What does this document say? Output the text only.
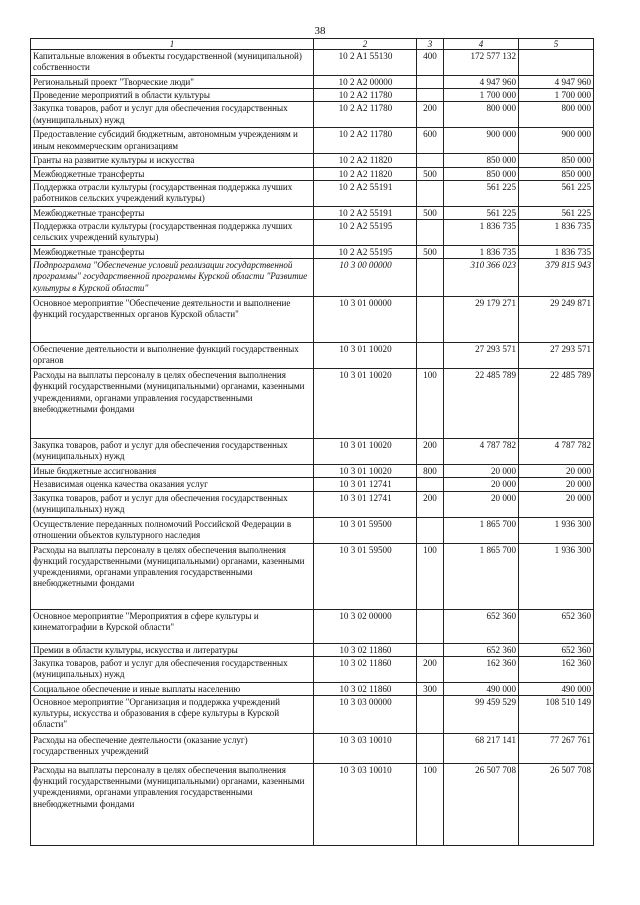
38
1	2	3	4	5
Капитальные вложения в объекты государственной (муниципальной) собственности	10 2 A1 55130	400	172 577 132	
Региональный проект "Творческие люди"	10 2 A2 00000		4 947 960	4 947 960
Проведение мероприятий в области культуры	10 2 A2 11780		1 700 000	1 700 000
Закупка товаров, работ и услуг для обеспечения государственных (муниципальных) нужд	10 2 A2 11780	200	800 000	800 000
Предоставление субсидий бюджетным, автономным учреждениям и иным некоммерческим организациям	10 2 A2 11780	600	900 000	900 000
Гранты на развитие культуры и искусства	10 2 A2 11820		850 000	850 000
Межбюджетные трансферты	10 2 A2 11820	500	850 000	850 000
Поддержка отрасли культуры (государственная поддержка лучших работников сельских учреждений культуры)	10 2 A2 55191		561 225	561 225
Межбюджетные трансферты	10 2 A2 55191	500	561 225	561 225
Поддержка отрасли культуры (государственная поддержка лучших сельских учреждений культуры)	10 2 A2 55195		1 836 735	1 836 735
Межбюджетные трансферты	10 2 A2 55195	500	1 836 735	1 836 735
Подпрограмма "Обеспечение условий реализации государственной программы" государственной программы Курской области "Развитие культуры в Курской области"	10 3 00 00000		310 366 023	379 815 943
Основное мероприятие "Обеспечение деятельности и выполнение функций государственных органов Курской области"	10 3 01 00000		29 179 271	29 249 871
Обеспечение деятельности и выполнение функций государственных органов	10 3 01 10020		27 293 571	27 293 571
Расходы на выплаты персоналу в целях обеспечения выполнения функций государственными (муниципальными) органами, казенными учреждениями, органами управления государственными внебюджетными фондами	10 3 01 10020	100	22 485 789	22 485 789
Закупка товаров, работ и услуг для обеспечения государственных (муниципальных) нужд	10 3 01 10020	200	4 787 782	4 787 782
Иные бюджетные ассигнования	10 3 01 10020	800	20 000	20 000
Независимая оценка качества оказания услуг	10 3 01 12741		20 000	20 000
Закупка товаров, работ и услуг для обеспечения государственных (муниципальных) нужд	10 3 01 12741	200	20 000	20 000
Осуществление переданных полномочий Российской Федерации в отношении объектов культурного наследия	10 3 01 59500		1 865 700	1 936 300
Расходы на выплаты персоналу в целях обеспечения выполнения функций государственными (муниципальными) органами, казенными учреждениями, органами управления государственными внебюджетными фондами	10 3 01 59500	100	1 865 700	1 936 300
Основное мероприятие "Мероприятия в сфере культуры и кинематографии в Курской области"	10 3 02 00000		652 360	652 360
Премии в области культуры, искусства и литературы	10 3 02 11860		652 360	652 360
Закупка товаров, работ и услуг для обеспечения государственных (муниципальных) нужд	10 3 02 11860	200	162 360	162 360
Социальное обеспечение и иные выплаты населению	10 3 02 11860	300	490 000	490 000
Основное мероприятие "Организация и поддержка учреждений культуры, искусства и образования в сфере культуры в Курской области"	10 3 03 00000		99 459 529	108 510 149
Расходы на обеспечение деятельности (оказание услуг) государственных учреждений	10 3 03 10010		68 217 141	77 267 761
Расходы на выплаты персоналу в целях обеспечения выполнения функций государственными (муниципальными) органами, казенными учреждениями, органами управления государственными внебюджетными фондами	10 3 03 10010	100	26 507 708	26 507 708
